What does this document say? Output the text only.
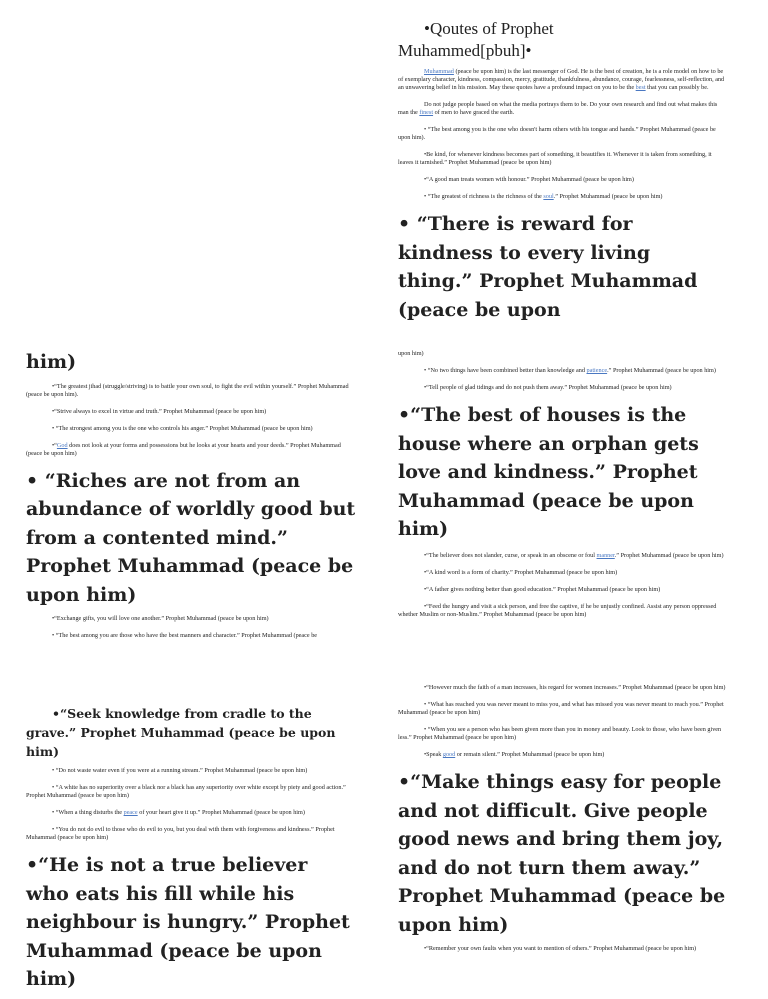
•Qoutes of Prophet
Muhammed[pbuh]•

Muhammad (peace be upon him) is the last messenger of God. He is the best of creation, he is a role model on how to be of exemplary character, kindness, compassion, mercy, gratitude, thankfulness, abundance, courage, fearlessness, self-reflection, and an unwavering belief in his mission. May these quotes have a profound impact on you to be the best that you can possibly be.

Do not judge people based on what the media portrays them to be. Do your own research and find out what makes this man the finest of men to have graced the earth.

• “The best among you is the one who doesn't harm others with his tongue and hands.” Prophet Muhammad (peace be upon him).

•Be kind, for whenever kindness becomes part of something, it beautifies it. Whenever it is taken from something, it leaves it tarnished.” Prophet Muhammad (peace be upon him)

•“A good man treats women with honour.” Prophet Muhammad (peace be upon him)

• “The greatest of richness is the richness of the soul.” Prophet Muhammad (peace be upon him)

• “There is reward for kindness to every living thing.” Prophet Muhammad (peace be upon

him)

•“The greatest jihad (struggle/striving) is to battle your own soul, to fight the evil within yourself.” Prophet Muhammad (peace be upon him).

•“Strive always to excel in virtue and truth.” Prophet Muhammad (peace be upon him)

• “The strongest among you is the one who controls his anger.” Prophet Muhammad (peace be upon him)

•“God does not look at your forms and possessions but he looks at your hearts and your deeds.” Prophet Muhammad (peace be upon him)

• “Riches are not from an abundance of worldly good but from a contented mind.” Prophet Muhammad (peace be upon him)

•“Exchange gifts, you will love one another.” Prophet Muhammad (peace be upon him)

• “The best among you are those who have the best manners and character.” Prophet Muhammad (peace be

upon him)

• “No two things have been combined better than knowledge and patience.” Prophet Muhammad (peace be upon him)

•“Tell people of glad tidings and do not push them away.” Prophet Muhammad (peace be upon him)

•“The best of houses is the house where an orphan gets love and kindness.” Prophet Muhammad (peace be upon him)

•“The believer does not slander, curse, or speak in an obscene or foul manner.” Prophet Muhammad (peace be upon him)

•“A kind word is a form of charity.” Prophet Muhammad (peace be upon him)

•“A father gives nothing better than good education.” Prophet Muhammad (peace be upon him)

•“Feed the hungry and visit a sick person, and free the captive, if he be unjustly confined. Assist any person oppressed whether Muslim or non-Muslim.” Prophet Muhammad (peace be upon him)

•“Seek knowledge from cradle to the
grave.” Prophet Muhammad (peace be upon him)

• “Do not waste water even if you were at a running stream.” Prophet Muhammad (peace be upon him)

• “A white has no superiority over a black nor a black has any superiority over white except by piety and good action.” Prophet Muhammad (peace be upon him)

• “When a thing disturbs the peace of your heart give it up.” Prophet Muhammad (peace be upon him)

• “You do not do evil to those who do evil to you, but you deal with them with forgiveness and kindness.” Prophet Muhammad (peace be upon him)

•“He is not a true believer who eats his fill while his neighbour is hungry.” Prophet Muhammad (peace be upon him)

•“However much the faith of a man increases, his regard for women increases.” Prophet Muhammad (peace be upon him)

• “What has reached you was never meant to miss you, and what has missed you was never meant to reach you.” Prophet Muhammad (peace be upon him)

• “When you see a person who has been given more than you in money and beauty. Look to those, who have been given less.” Prophet Muhammad (peace be upon him)

•Speak good or remain silent.” Prophet Muhammad (peace be upon him)

•“Make things easy for people and not difficult. Give people good news and bring them joy, and do not turn them away.” Prophet Muhammad (peace be upon him)

•“Remember your own faults when you want to mention of others.” Prophet Muhammad (peace be upon him)
